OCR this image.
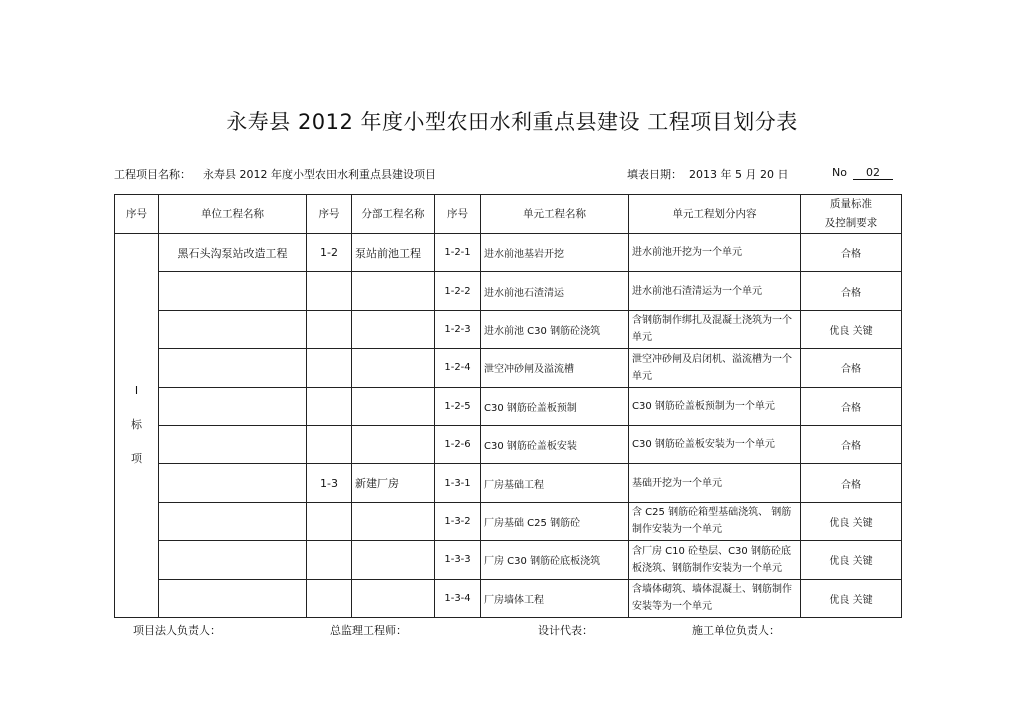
永寿县 2012 年度小型农田水利重点县建设 工程项目划分表
工程项目名称： 永寿县 2012 年度小型农田水利重点县建设项目	填表日期： 2013 年 5 月 20 日	No 02
序号	单位工程名称	序号	分部工程名称	序号	单元工程名称	单元工程划分内容	质量标准
及控制要求

I
标
项	黑石头沟泵站改造工程	1-2	泵站前池工程	1-2-1	进水前池基岩开挖	进水前池开挖为一个单元	合格
				1-2-2	进水前池石渣清运	进水前池石渣清运为一个单元	合格
				1-2-3	进水前池 C30 钢筋砼浇筑	含钢筋制作绑扎及混凝土浇筑为一个单元	优良 关键
				1-2-4	泄空冲砂闸及溢流槽	泄空冲砂闸及启闭机、溢流槽为一个单元	合格
				1-2-5	C30 钢筋砼盖板预制	C30 钢筋砼盖板预制为一个单元	合格
				1-2-6	C30 钢筋砼盖板安装	C30 钢筋砼盖板安装为一个单元	合格
		1-3	新建厂房	1-3-1	厂房基础工程	基础开挖为一个单元	合格
				1-3-2	厂房基础 C25 钢筋砼	含 C25 钢筋砼箱型基础浇筑、 钢筋制作安装为一个单元	优良 关键
				1-3-3	厂房 C30 钢筋砼底板浇筑	含厂房 C10 砼垫层、C30 钢筋砼底板浇筑、钢筋制作安装为一个单元	优良 关键
				1-3-4	厂房墙体工程	含墙体砌筑、墙体混凝土、钢筋制作安装等为一个单元	优良 关键
项目法人负责人：	总监理工程师：	设计代表：	施工单位负责人：
